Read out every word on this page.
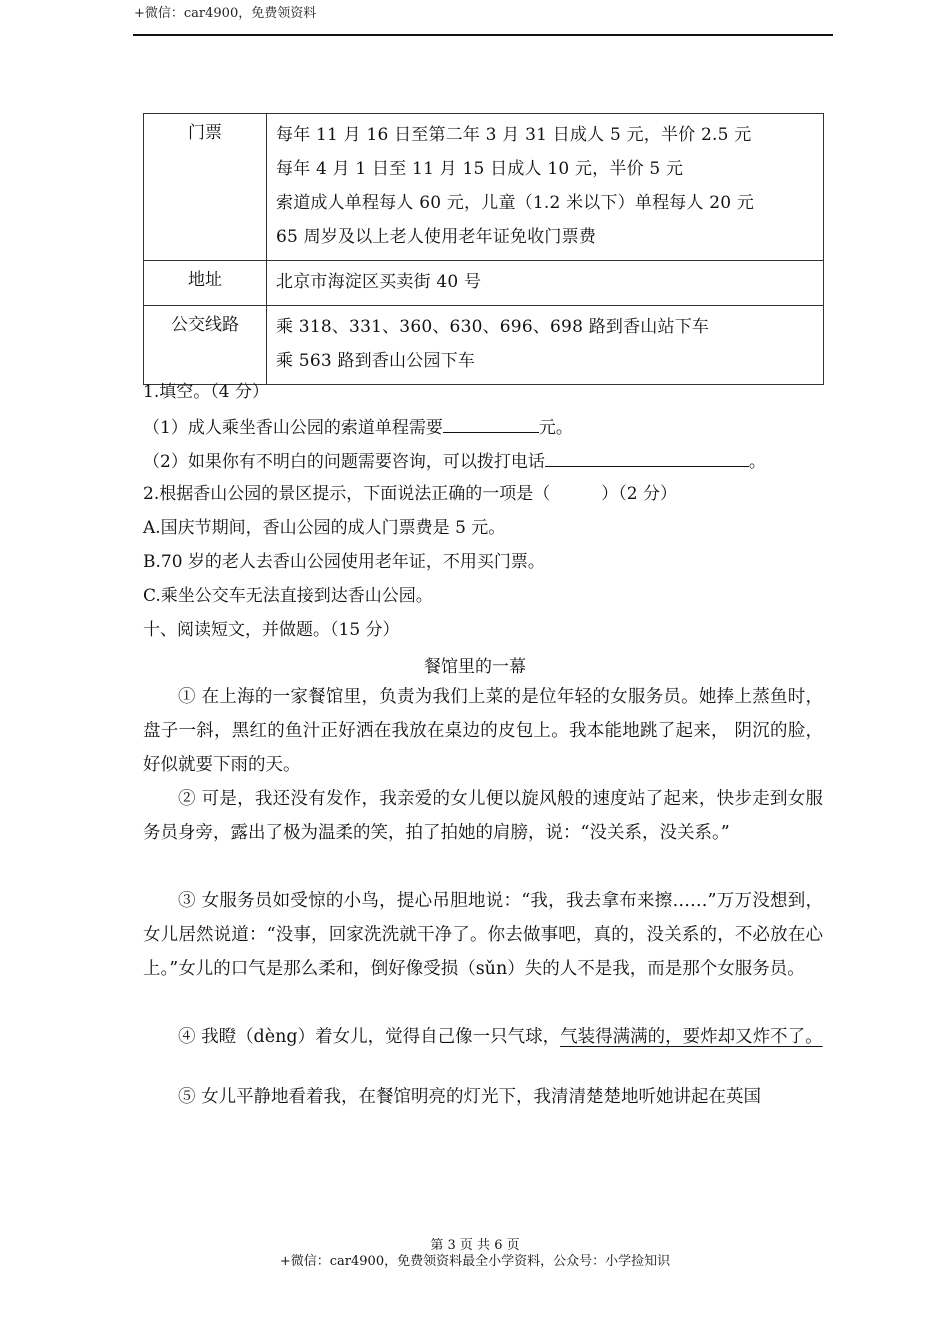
+微信：car4900，免费领资料
门票	每年 11 月 16 日至第二年 3 月 31 日成人 5 元，半价 2.5 元
每年 4 月 1 日至 11 月 15 日成人 10 元，半价 5 元
索道成人单程每人 60 元，儿童（1.2 米以下）单程每人 20 元
65 周岁及以上老人使用老年证免收门票费

地址	北京市海淀区买卖街 40 号

公交线路	乘 318、331、360、630、696、698 路到香山站下车
乘 563 路到香山公园下车
1.填空。（4 分）
（1）成人乘坐香山公园的索道单程需要	元。
（2）如果你有不明白的问题需要咨询，可以拨打电话	。
2.根据香山公园的景区提示，下面说法正确的一项是（　　　）（2 分）
A.国庆节期间，香山公园的成人门票费是 5 元。
B.70 岁的老人去香山公园使用老年证，不用买门票。
C.乘坐公交车无法直接到达香山公园。
十、阅读短文，并做题。（15 分）
餐馆里的一幕
① 在上海的一家餐馆里，负责为我们上菜的是位年轻的女服务员。她捧上蒸鱼时，盘子一斜，黑红的鱼汁正好洒在我放在桌边的皮包上。我本能地跳了起来， 阴沉的脸，好似就要下雨的天。
② 可是，我还没有发作，我亲爱的女儿便以旋风般的速度站了起来，快步走到女服务员身旁，露出了极为温柔的笑，拍了拍她的肩膀，说：“没关系，没关系。”
③ 女服务员如受惊的小鸟，提心吊胆地说：“我，我去拿布来擦……”万万没想到，女儿居然说道：“没事，回家洗洗就干净了。你去做事吧，真的，没关系的，不必放在心上。”女儿的口气是那么柔和，倒好像受损（sǔn）失的人不是我，而是那个女服务员。
④ 我瞪（dèng）着女儿，觉得自己像一只气球，气装得满满的，要炸却又炸不了。
⑤ 女儿平静地看着我，在餐馆明亮的灯光下，我清清楚楚地听她讲起在英国
第 3 页 共 6 页
+微信：car4900，免费领资料最全小学资料，公众号：小学捡知识
